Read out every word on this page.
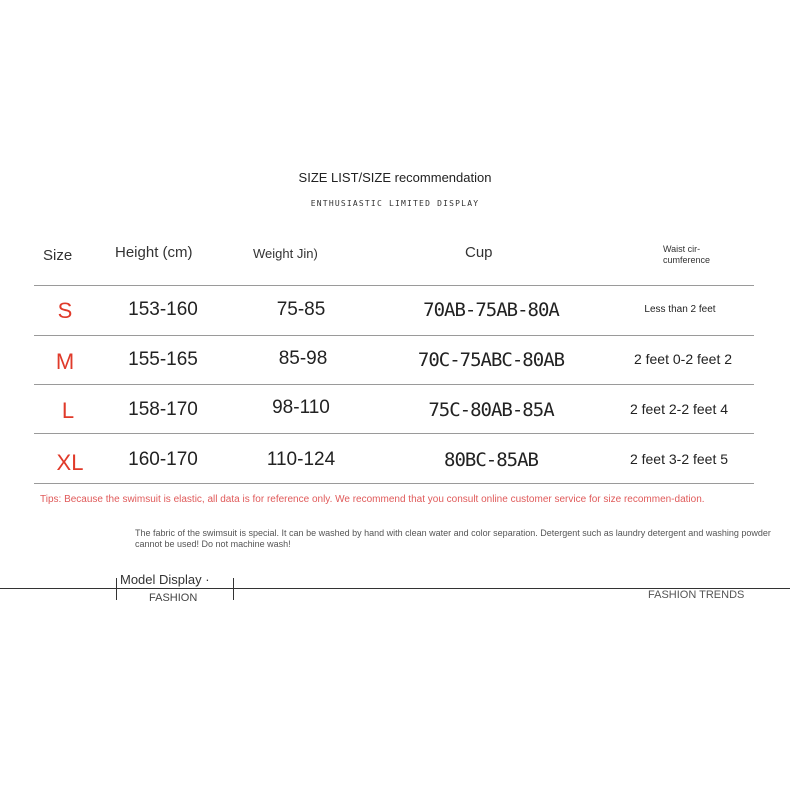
SIZE LIST/SIZE recommendation
ENTHUSIASTIC LIMITED DISPLAY
Size	Height (cm)	Weight Jin)	Cup	Waist cir-
cumference
S	153-160	75-85	70AB-75AB-80A	Less than 2 feet
M	155-165	85-98	70C-75ABC-80AB	2 feet 0-2 feet 2
L	158-170	98-110	75C-80AB-85A	2 feet 2-2 feet 4
XL	160-170	110-124	80BC-85AB	2 feet 3-2 feet 5
Tips: Because the swimsuit is elastic, all data is for reference only. We recommend that you consult online customer service for size recommen-dation.
The fabric of the swimsuit is special. It can be washed by hand with clean water and color separation. Detergent such as laundry detergent and washing powder cannot be used! Do not machine wash!
Model Display ·
FASHION	FASHION TRENDS
